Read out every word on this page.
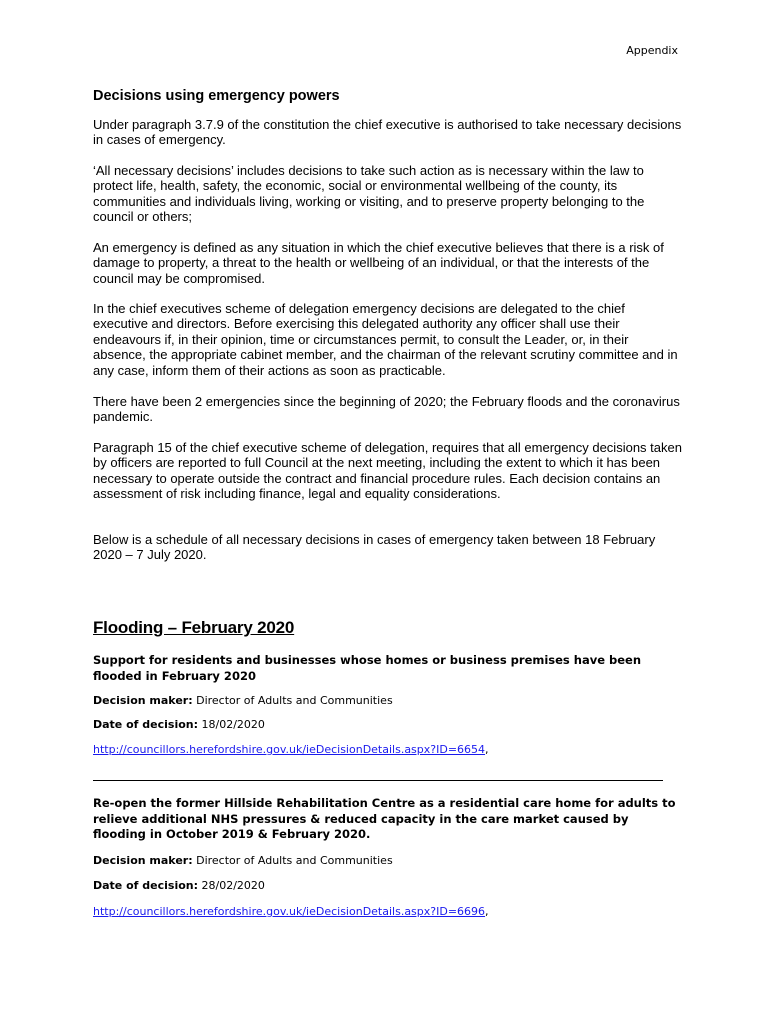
Appendix
Decisions using emergency powers

Under paragraph 3.7.9 of the constitution the chief executive is authorised to take necessary decisions in cases of emergency.

‘All necessary decisions’ includes decisions to take such action as is necessary within the law to protect life, health, safety, the economic, social or environmental wellbeing of the county, its communities and individuals living, working or visiting, and to preserve property belonging to the council or others;

An emergency is defined as any situation in which the chief executive believes that there is a risk of damage to property, a threat to the health or wellbeing of an individual, or that the interests of the council may be compromised.

In the chief executives scheme of delegation emergency decisions are delegated to the chief executive and directors. Before exercising this delegated authority any officer shall use their endeavours if, in their opinion, time or circumstances permit, to consult the Leader, or, in their absence, the appropriate cabinet member, and the chairman of the relevant scrutiny committee and in any case, inform them of their actions as soon as practicable.

There have been 2 emergencies since the beginning of 2020; the February floods and the coronavirus pandemic.

Paragraph 15 of the chief executive scheme of delegation, requires that all emergency decisions taken by officers are reported to full Council at the next meeting, including the extent to which it has been necessary to operate outside the contract and financial procedure rules. Each decision contains an assessment of risk including finance, legal and equality considerations.

Below is a schedule of all necessary decisions in cases of emergency taken between 18 February 2020 – 7 July 2020.

Flooding – February 2020

Support for residents and businesses whose homes or business premises have been flooded in February 2020

Decision maker: Director of Adults and Communities

Date of decision: 18/02/2020

http://councillors.herefordshire.gov.uk/ieDecisionDetails.aspx?ID=6654,

Re-open the former Hillside Rehabilitation Centre as a residential care home for adults to relieve additional NHS pressures & reduced capacity in the care market caused by flooding in October 2019 & February 2020.

Decision maker: Director of Adults and Communities

Date of decision: 28/02/2020

http://councillors.herefordshire.gov.uk/ieDecisionDetails.aspx?ID=6696,
